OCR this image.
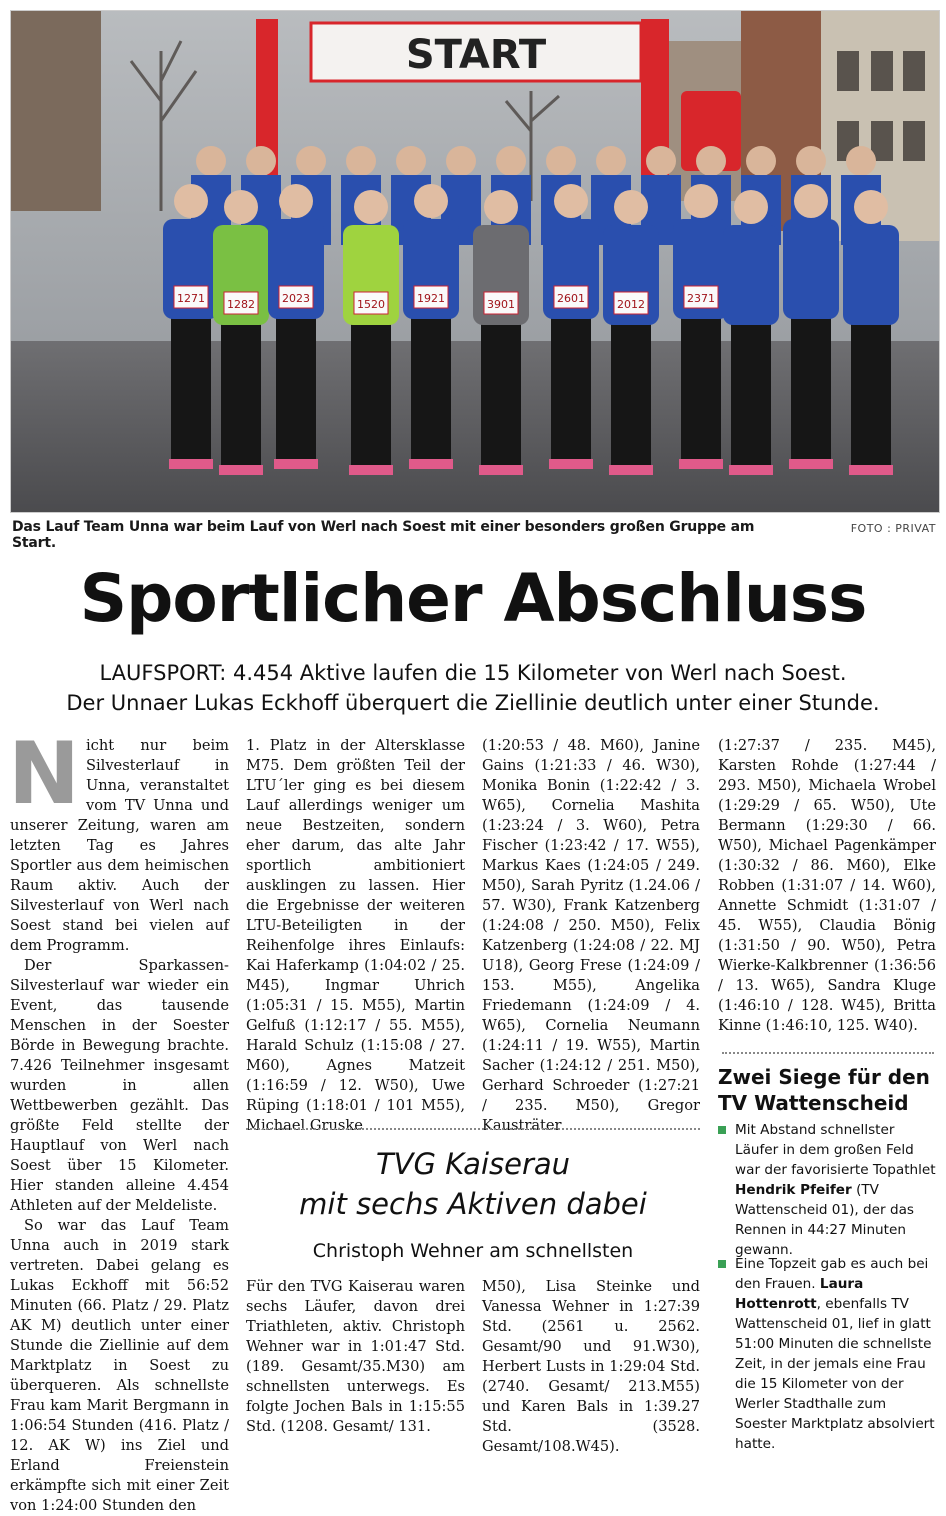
START
1271 1282 2023	1520	1921	3901	2601	2012	2371
Das Lauf Team Unna war beim Lauf von Werl nach Soest mit einer besonders großen Gruppe am Start.
FOTO : PRIVAT
Sportlicher Abschluss
LAUFSPORT: 4.454 Aktive laufen die 15 Kilometer von Werl nach Soest.
Der Unnaer Lukas Eckhoff überquert die Ziellinie deutlich unter einer Stunde.

Nicht nur beim Silvesterlauf in Unna, veranstaltet vom TV Unna und unserer Zeitung, waren am letzten Tag es Jahres Sportler aus dem heimischen Raum aktiv. Auch der Silvesterlauf von Werl nach Soest stand bei vielen auf dem Programm.

Der Sparkassen-Silvesterlauf war wieder ein Event, das tausende Menschen in der Soester Börde in Bewegung brachte. 7.426 Teilnehmer insgesamt wurden in allen Wettbewerben gezählt. Das größte Feld stellte der Hauptlauf von Werl nach Soest über 15 Kilometer. Hier standen alleine 4.454 Athleten auf der Meldeliste.

So war das Lauf Team Unna auch in 2019 stark vertreten. Dabei gelang es Lukas Eckhoff mit 56:52 Minuten (66. Platz / 29. Platz AK M) deutlich unter einer Stunde die Ziellinie auf dem Marktplatz in Soest zu überqueren. Als schnellste Frau kam Marit Bergmann in 1:06:54 Stunden (416. Platz / 12. AK W) ins Ziel und Erland Freienstein erkämpfte sich mit einer Zeit von 1:24:00 Stunden den

1. Platz in der Altersklasse M75. Dem größten Teil der LTU´ler ging es bei diesem Lauf allerdings weniger um neue Bestzeiten, sondern eher darum, das alte Jahr sportlich ambitioniert ausklingen zu lassen. Hier die Ergebnisse der weiteren LTU-Beteiligten in der Reihenfolge ihres Einlaufs: Kai Haferkamp (1:04:02 / 25. M45), Ingmar Uhrich (1:05:31 / 15. M55), Martin Gelfuß (1:12:17 / 55. M55), Harald Schulz (1:15:08 / 27. M60), Agnes Matzeit (1:16:59 / 12. W50), Uwe Rüping (1:18:01 / 101 M55), Michael Gruske

(1:20:53 / 48. M60), Janine Gains (1:21:33 / 46. W30), Monika Bonin (1:22:42 / 3. W65), Cornelia Mashita (1:23:24 / 3. W60), Petra Fischer (1:23:42 / 17. W55), Markus Kaes (1:24:05 / 249. M50), Sarah Pyritz (1.24.06 / 57. W30), Frank Katzenberg (1:24:08 / 250. M50), Felix Katzenberg (1:24:08 / 22. MJ U18), Georg Frese (1:24:09 / 153. M55), Angelika Friedemann (1:24:09 / 4. W65), Cornelia Neumann (1:24:11 / 19. W55), Martin Sacher (1:24:12 / 251. M50), Gerhard Schroeder (1:27:21 / 235. M50), Gregor Kausträter

(1:27:37 / 235. M45), Karsten Rohde (1:27:44 / 293. M50), Michaela Wrobel (1:29:29 / 65. W50), Ute Bermann (1:29:30 / 66. W50), Michael Pagenkämper (1:30:32 / 86. M60), Elke Robben (1:31:07 / 14. W60), Annette Schmidt (1:31:07 / 45. W55), Claudia Bönig (1:31:50 / 90. W50), Petra Wierke-Kalkbrenner (1:36:56 / 13. W65), Sandra Kluge (1:46:10 / 128. W45), Britta Kinne (1:46:10, 125. W40).

TVG Kaiserau
mit sechs Aktiven dabei
Christoph Wehner am schnellsten
Für den TVG Kaiserau waren sechs Läufer, davon drei Triathleten, aktiv. Christoph Wehner war in 1:01:47 Std. (189. Gesamt/35.M30) am schnellsten unterwegs. Es folgte Jochen Bals in 1:15:55 Std. (1208. Gesamt/ 131.
M50), Lisa Steinke und Vanessa Wehner in 1:27:39 Std. (2561 u. 2562. Gesamt/90 und 91.W30), Herbert Lusts in 1:29:04 Std. (2740. Gesamt/ 213.M55) und Karen Bals in 1:39.27 Std. (3528. Gesamt/108.W45).
Zwei Siege für den
TV Wattenscheid
Mit Abstand schnellster Läufer in dem großen Feld war der favorisierte Topathlet Hendrik Pfeifer (TV Wattenscheid 01), der das Rennen in 44:27 Minuten gewann.
Eine Topzeit gab es auch bei den Frauen. Laura Hottenrott, ebenfalls TV Wattenscheid 01, lief in glatt 51:00 Minuten die schnellste Zeit, in der jemals eine Frau die 15 Kilometer von der Werler Stadthalle zum Soester Marktplatz absolviert hatte.
